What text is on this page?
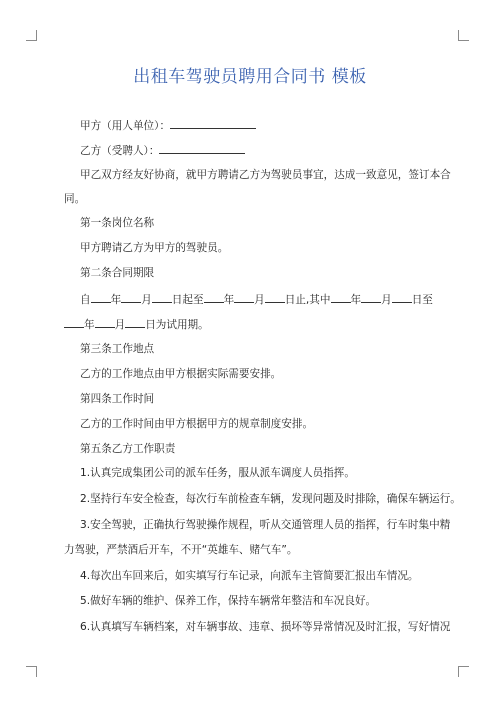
出租车驾驶员聘用合同书 模板
甲方（用人单位）：
乙方（受聘人）：
甲乙双方经友好协商，就甲方聘请乙方为驾驶员事宜，达成一致意见，签订本合
同。
第一条岗位名称
甲方聘请乙方为甲方的驾驶员。
第二条合同期限
自 年 月 日起至 年 月 日止,其中 年 月 日至
年 月 日为试用期。
第三条工作地点
乙方的工作地点由甲方根据实际需要安排。
第四条工作时间
乙方的工作时间由甲方根据甲方的规章制度安排。
第五条乙方工作职责
1.认真完成集团公司的派车任务，服从派车调度人员指挥。
2.坚持行车安全检查，每次行车前检查车辆，发现问题及时排除，确保车辆运行。
3.安全驾驶，正确执行驾驶操作规程，听从交通管理人员的指挥，行车时集中精
力驾驶，严禁酒后开车，不开“英雄车、赌气车”。
4.每次出车回来后，如实填写行车记录，向派车主管简要汇报出车情况。
5.做好车辆的维护、保养工作，保持车辆常年整洁和车况良好。
6.认真填写车辆档案，对车辆事故、违章、损坏等异常情况及时汇报，写好情况
